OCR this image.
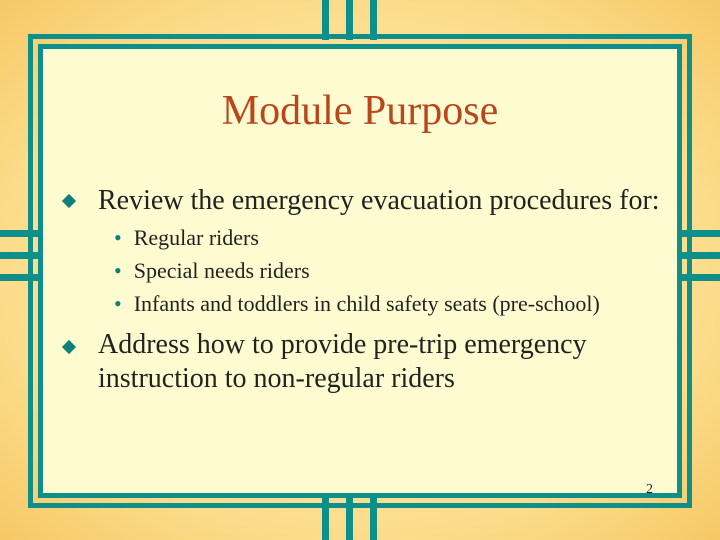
Module Purpose
Review the emergency evacuation procedures for:
• Regular riders
• Special needs riders
• Infants and toddlers in child safety seats (pre-school)
Address how to provide pre-trip emergency
instruction to non-regular riders
2
